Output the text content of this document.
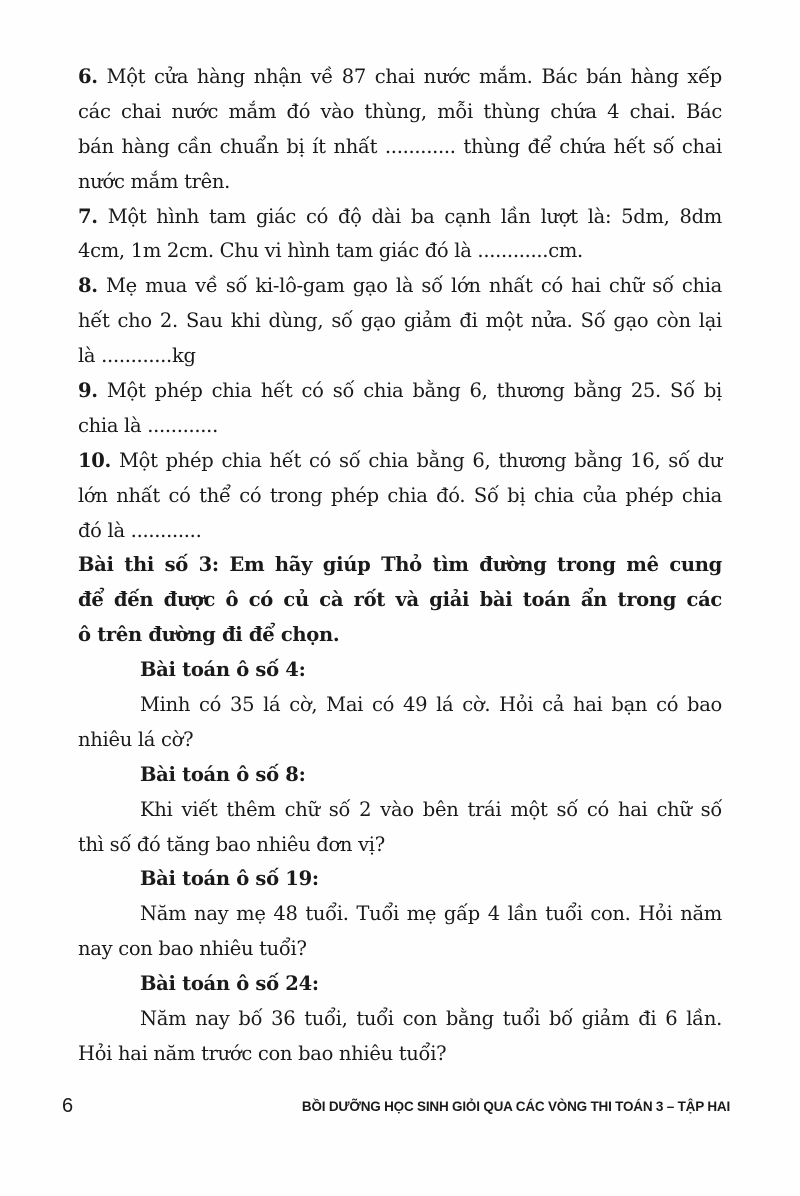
6. Một cửa hàng nhận về 87 chai nước mắm. Bác bán hàng xếp
các chai nước mắm đó vào thùng, mỗi thùng chứa 4 chai. Bác
bán hàng cần chuẩn bị ít nhất ............ thùng để chứa hết số chai
nước mắm trên.
7. Một hình tam giác có độ dài ba cạnh lần lượt là: 5dm, 8dm
4cm, 1m 2cm. Chu vi hình tam giác đó là ............cm.
8. Mẹ mua về số ki-lô-gam gạo là số lớn nhất có hai chữ số chia
hết cho 2. Sau khi dùng, số gạo giảm đi một nửa. Số gạo còn lại
là ............kg
9. Một phép chia hết có số chia bằng 6, thương bằng 25. Số bị
chia là ............
10. Một phép chia hết có số chia bằng 6, thương bằng 16, số dư
lớn nhất có thể có trong phép chia đó. Số bị chia của phép chia
đó là ............
Bài thi số 3: Em hãy giúp Thỏ tìm đường trong mê cung
để đến được ô có củ cà rốt và giải bài toán ẩn trong các
ô trên đường đi để chọn.
Bài toán ô số 4:
Minh có 35 lá cờ, Mai có 49 lá cờ. Hỏi cả hai bạn có bao
nhiêu lá cờ?
Bài toán ô số 8:
Khi viết thêm chữ số 2 vào bên trái một số có hai chữ số
thì số đó tăng bao nhiêu đơn vị?
Bài toán ô số 19:
Năm nay mẹ 48 tuổi. Tuổi mẹ gấp 4 lần tuổi con. Hỏi năm
nay con bao nhiêu tuổi?
Bài toán ô số 24:
Năm nay bố 36 tuổi, tuổi con bằng tuổi bố giảm đi 6 lần.
Hỏi hai năm trước con bao nhiêu tuổi?
6	BỒI DƯỠNG HỌC SINH GIỎI QUA CÁC VÒNG THI TOÁN 3 – TẬP HAI
